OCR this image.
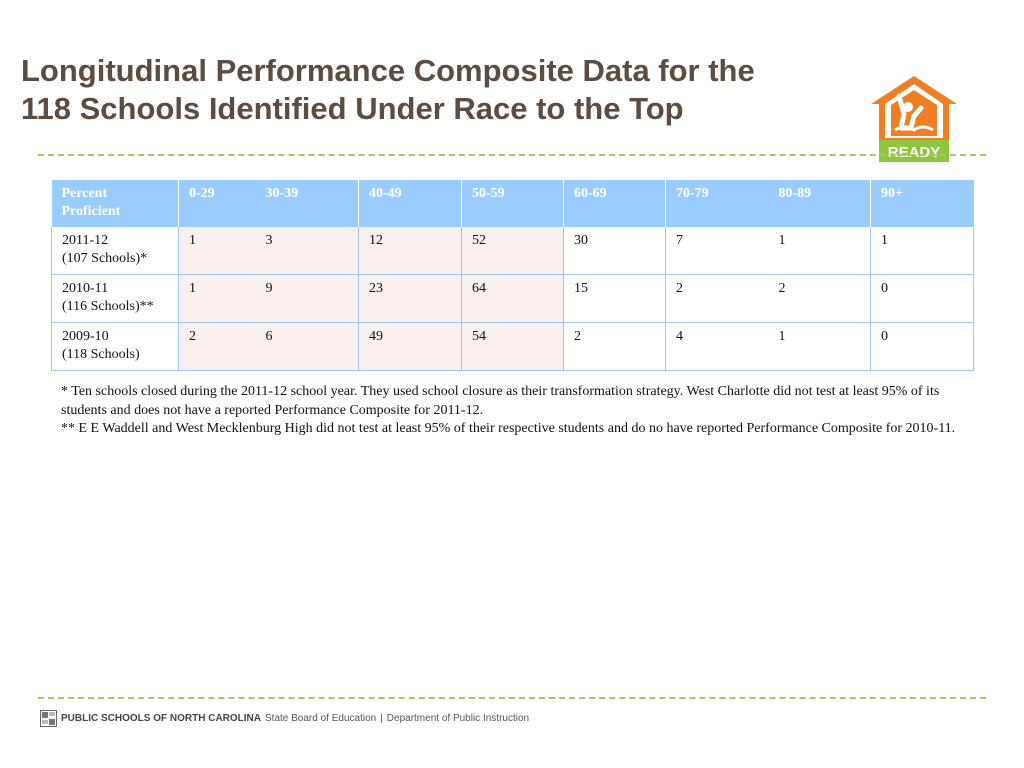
Longitudinal Performance Composite Data for the
118 Schools Identified Under Race to the Top
READY
Percent Proficient	0-29	30-39	40-49	50-59	60-69	70-79	80-89	90+
2011-12
(107 Schools)*	1	3	12	52	30	7	1	1
2010-11
(116 Schools)**	1	9	23	64	15	2	2	0
2009-10
(118 Schools)	2	6	49	54	2	4	1	0

* Ten schools closed during the 2011-12 school year. They used school closure as their transformation strategy. West Charlotte did not test at least 95% of its students and does not have a reported Performance Composite for 2011-12.

** E E Waddell and West Mecklenburg High did not test at least 95% of their respective students and do no have reported Performance Composite for 2010-11.

PUBLIC SCHOOLS OF NORTH CAROLINA State Board of Education | Department of Public Instruction
